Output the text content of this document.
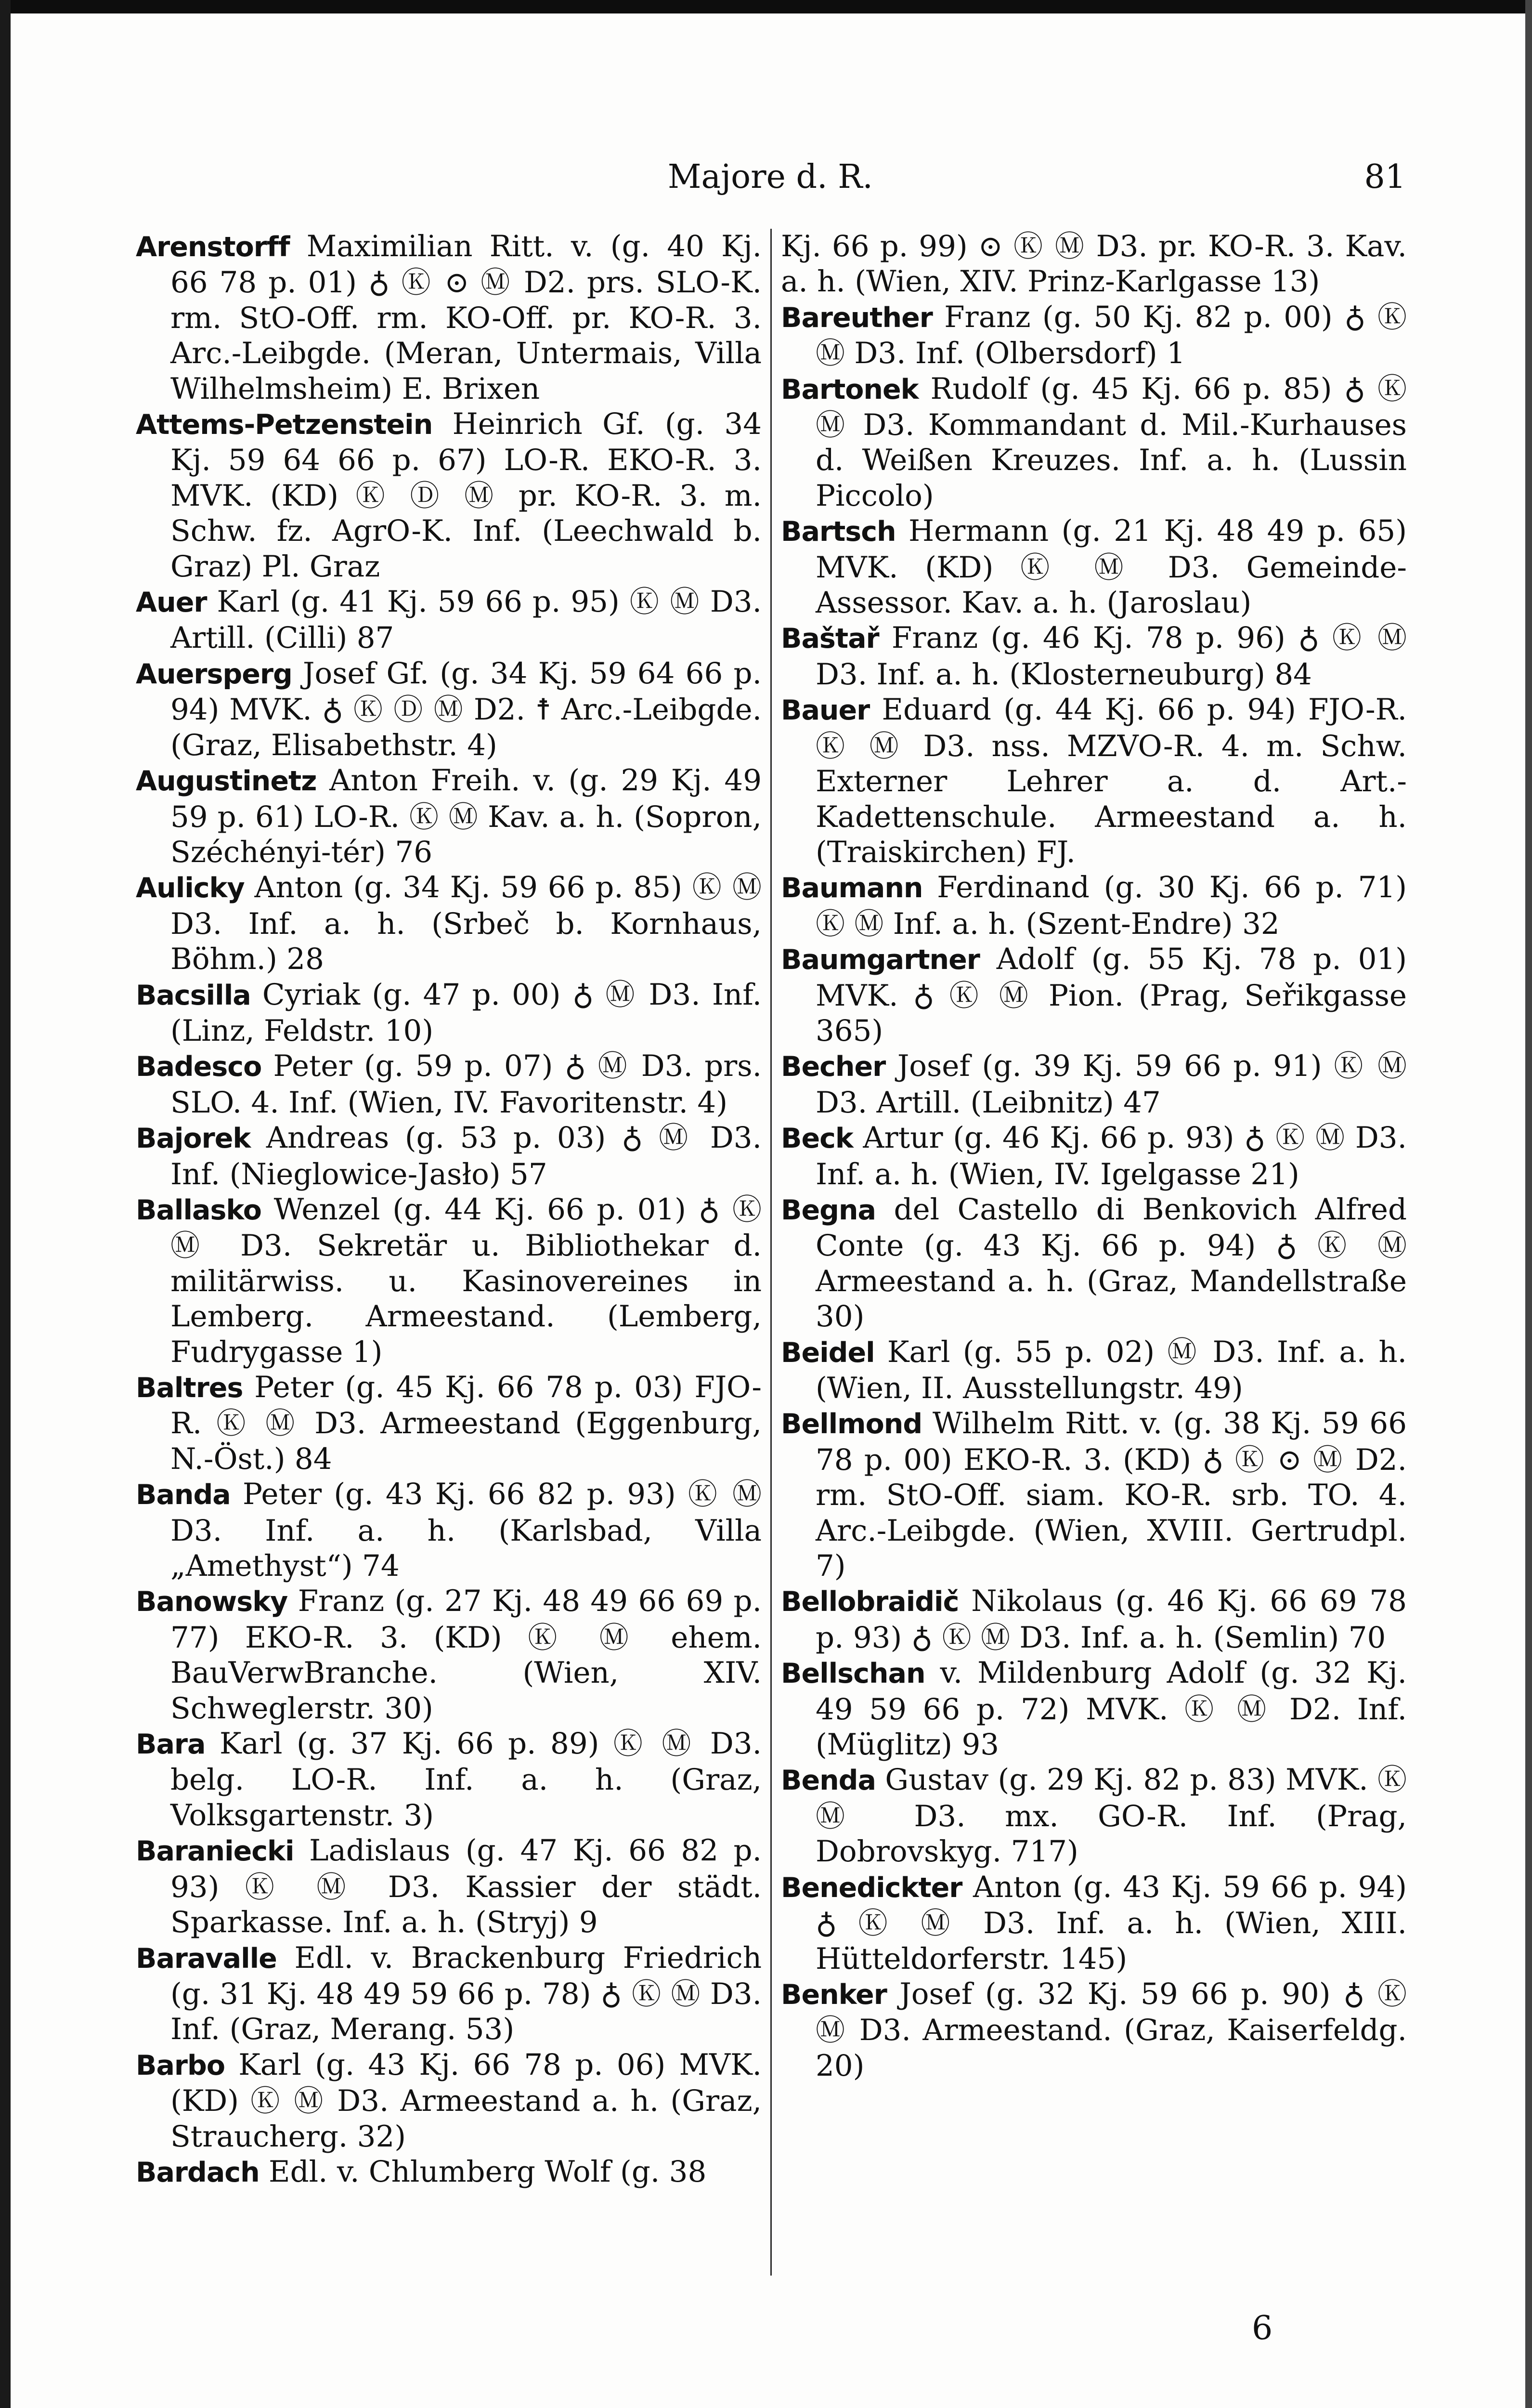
Majore d. R.	81

Arenstorff Maximilian Ritt. v. (g. 40 Kj. 66 78 p. 01) ♁ Ⓚ ⊙ Ⓜ D2. prs. SLO-K. rm. StO-Off. rm. KO-Off. pr. KO-R. 3. Arc.-Leibgde. (Meran, Untermais, Villa Wilhelmsheim) E. Brixen

Attems-Petzenstein Heinrich Gf. (g. 34 Kj. 59 64 66 p. 67) LO-R. EKO-R. 3. MVK. (KD) Ⓚ Ⓓ Ⓜ pr. KO-R. 3. m. Schw. fz. AgrO-K. Inf. (Leechwald b. Graz) Pl. Graz

Auer Karl (g. 41 Kj. 59 66 p. 95) Ⓚ Ⓜ D3. Artill. (Cilli) 87

Auersperg Josef Gf. (g. 34 Kj. 59 64 66 p. 94) MVK. ♁ Ⓚ Ⓓ Ⓜ D2. ☨ Arc.-Leibgde. (Graz, Elisabethstr. 4)

Augustinetz Anton Freih. v. (g. 29 Kj. 49 59 p. 61) LO-R. Ⓚ Ⓜ Kav. a. h. (Sopron, Széchényi-tér) 76

Aulicky Anton (g. 34 Kj. 59 66 p. 85) Ⓚ Ⓜ D3. Inf. a. h. (Srbeč b. Kornhaus, Böhm.) 28

Bacsilla Cyriak (g. 47 p. 00) ♁ Ⓜ D3. Inf. (Linz, Feldstr. 10)

Badesco Peter (g. 59 p. 07) ♁ Ⓜ D3. prs. SLO. 4. Inf. (Wien, IV. Favoritenstr. 4)

Bajorek Andreas (g. 53 p. 03) ♁ Ⓜ D3. Inf. (Nieglowice-Jasło) 57

Ballasko Wenzel (g. 44 Kj. 66 p. 01) ♁ Ⓚ Ⓜ D3. Sekretär u. Bibliothekar d. militärwiss. u. Kasinovereines in Lemberg. Armeestand. (Lemberg, Fudrygasse 1)

Baltres Peter (g. 45 Kj. 66 78 p. 03) FJO-R. Ⓚ Ⓜ D3. Armeestand (Eggenburg, N.-Öst.) 84

Banda Peter (g. 43 Kj. 66 82 p. 93) Ⓚ Ⓜ D3. Inf. a. h. (Karlsbad, Villa „Amethyst“) 74

Banowsky Franz (g. 27 Kj. 48 49 66 69 p. 77) EKO-R. 3. (KD) Ⓚ Ⓜ ehem. BauVerwBranche. (Wien, XIV. Schweglerstr. 30)

Bara Karl (g. 37 Kj. 66 p. 89) Ⓚ Ⓜ D3. belg. LO-R. Inf. a. h. (Graz, Volksgartenstr. 3)

Baraniecki Ladislaus (g. 47 Kj. 66 82 p. 93) Ⓚ Ⓜ D3. Kassier der städt. Sparkasse. Inf. a. h. (Stryj) 9

Baravalle Edl. v. Brackenburg Friedrich (g. 31 Kj. 48 49 59 66 p. 78) ♁ Ⓚ Ⓜ D3. Inf. (Graz, Merang. 53)

Barbo Karl (g. 43 Kj. 66 78 p. 06) MVK. (KD) Ⓚ Ⓜ D3. Armeestand a. h. (Graz, Straucherg. 32)

Bardach Edl. v. Chlumberg Wolf (g. 38

Kj. 66 p. 99) ⊙ Ⓚ Ⓜ D3. pr. KO-R. 3. Kav. a. h. (Wien, XIV. Prinz-Karlgasse 13)

Bareuther Franz (g. 50 Kj. 82 p. 00) ♁ Ⓚ Ⓜ D3. Inf. (Olbersdorf) 1

Bartonek Rudolf (g. 45 Kj. 66 p. 85) ♁ Ⓚ Ⓜ D3. Kommandant d. Mil.-Kurhauses d. Weißen Kreuzes. Inf. a. h. (Lussin Piccolo)

Bartsch Hermann (g. 21 Kj. 48 49 p. 65) MVK. (KD) Ⓚ Ⓜ D3. Gemeinde-Assessor. Kav. a. h. (Jaroslau)

Baštař Franz (g. 46 Kj. 78 p. 96) ♁ Ⓚ Ⓜ D3. Inf. a. h. (Klosterneuburg) 84

Bauer Eduard (g. 44 Kj. 66 p. 94) FJO-R. Ⓚ Ⓜ D3. nss. MZVO-R. 4. m. Schw. Externer Lehrer a. d. Art.-Kadettenschule. Armeestand a. h. (Traiskirchen) FJ.

Baumann Ferdinand (g. 30 Kj. 66 p. 71) Ⓚ Ⓜ Inf. a. h. (Szent-Endre) 32

Baumgartner Adolf (g. 55 Kj. 78 p. 01) MVK. ♁ Ⓚ Ⓜ Pion. (Prag, Seřikgasse 365)

Becher Josef (g. 39 Kj. 59 66 p. 91) Ⓚ Ⓜ D3. Artill. (Leibnitz) 47

Beck Artur (g. 46 Kj. 66 p. 93) ♁ Ⓚ Ⓜ D3. Inf. a. h. (Wien, IV. Igelgasse 21)

Begna del Castello di Benkovich Alfred Conte (g. 43 Kj. 66 p. 94) ♁ Ⓚ Ⓜ Armeestand a. h. (Graz, Mandellstraße 30)

Beidel Karl (g. 55 p. 02) Ⓜ D3. Inf. a. h. (Wien, II. Ausstellungstr. 49)

Bellmond Wilhelm Ritt. v. (g. 38 Kj. 59 66 78 p. 00) EKO-R. 3. (KD) ♁ Ⓚ ⊙ Ⓜ D2. rm. StO-Off. siam. KO-R. srb. TO. 4. Arc.-Leibgde. (Wien, XVIII. Gertrudpl. 7)

Bellobraidič Nikolaus (g. 46 Kj. 66 69 78 p. 93) ♁ Ⓚ Ⓜ D3. Inf. a. h. (Semlin) 70

Bellschan v. Mildenburg Adolf (g. 32 Kj. 49 59 66 p. 72) MVK. Ⓚ Ⓜ D2. Inf. (Müglitz) 93

Benda Gustav (g. 29 Kj. 82 p. 83) MVK. Ⓚ Ⓜ D3. mx. GO-R. Inf. (Prag, Dobrovskyg. 717)

Benedickter Anton (g. 43 Kj. 59 66 p. 94) ♁ Ⓚ Ⓜ D3. Inf. a. h. (Wien, XIII. Hütteldorferstr. 145)

Benker Josef (g. 32 Kj. 59 66 p. 90) ♁ Ⓚ Ⓜ D3. Armeestand. (Graz, Kaiserfeldg. 20)

6
